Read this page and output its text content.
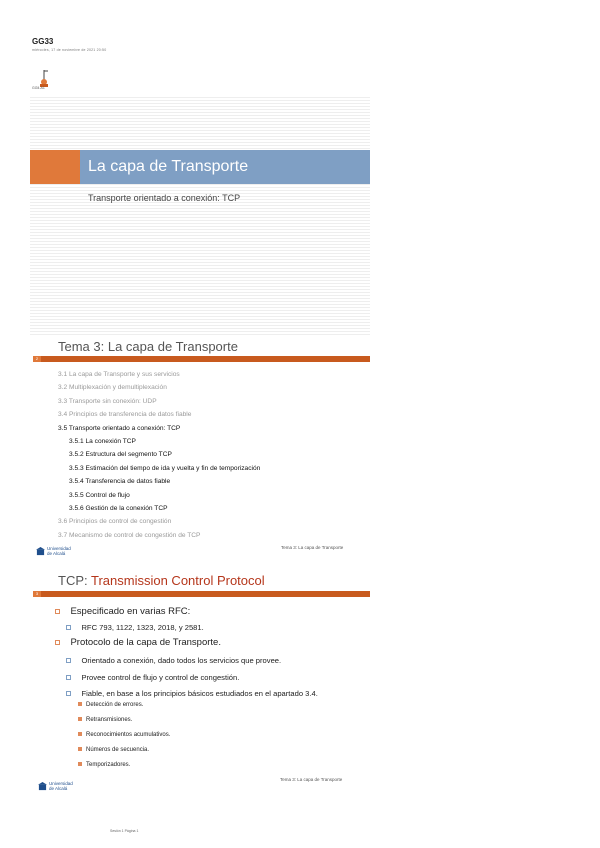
GG33
miércoles, 17 de noviembre de 2021 20:50
GGII-A1
La capa de Transporte
Transporte orientado a conexión: TCP
Tema 3: La capa de Transporte
2
3.1 La capa de Transporte y sus servicios
3.2 Multiplexación y demultiplexación
3.3 Transporte sin conexión: UDP
3.4 Principios de transferencia de datos fiable
3.5 Transporte orientado a conexión: TCP
3.5.1 La conexión TCP
3.5.2 Estructura del segmento TCP
3.5.3 Estimación del tiempo de ida y vuelta y fin de temporización
3.5.4 Transferencia de datos fiable
3.5.5 Control de flujo
3.5.6 Gestión de la conexión TCP
3.6 Principios de control de congestión
3.7 Mecanismo de control de congestión de TCP
Universidad de Alcalá
Tema 3: La capa de Transporte
TCP: Transmission Control Protocol
3
Especificado en varias RFC:
RFC 793, 1122, 1323, 2018, y 2581.
Protocolo de la capa de Transporte.
Orientado a conexión, dado todos los servicios que provee.
Provee control de flujo y control de congestión.
Fiable, en base a los principios básicos estudiados en el apartado 3.4.
Detección de errores.
Retransmisiones.
Reconocimientos acumulativos.
Números de secuencia.
Temporizadores.
Universidad de Alcalá
Tema 3: La capa de Transporte
Sesión 1 Página 1
